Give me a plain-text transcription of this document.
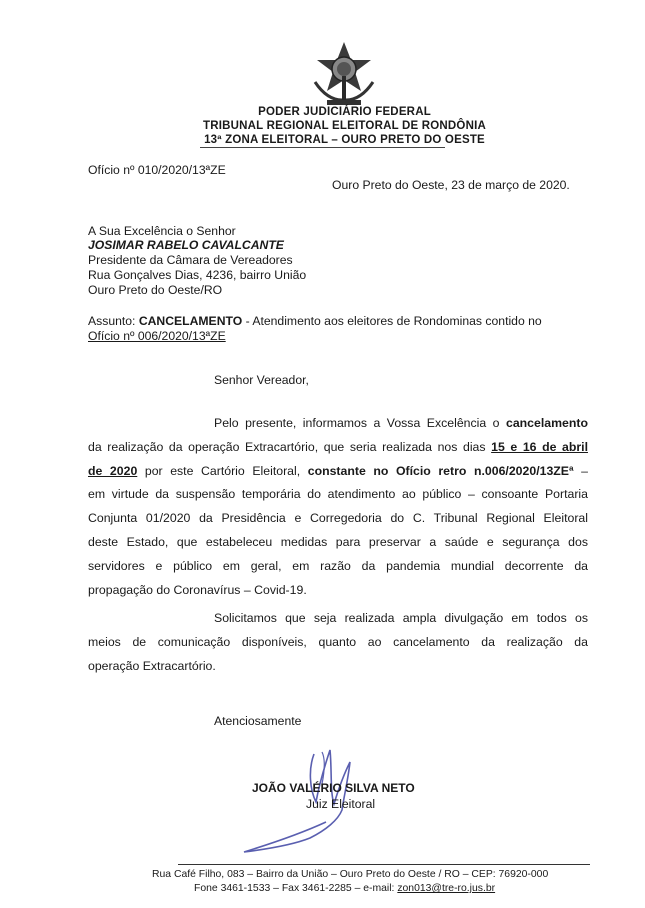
PODER JUDICIÁRIO FEDERAL
TRIBUNAL REGIONAL ELEITORAL DE RONDÔNIA
13ª ZONA ELEITORAL – OURO PRETO DO OESTE
Ofício nº 010/2020/13ªZE
Ouro Preto do Oeste, 23 de março de 2020.
A Sua Excelência o Senhor
JOSIMAR RABELO CAVALCANTE
Presidente da Câmara de Vereadores
Rua Gonçalves Dias, 4236, bairro União
Ouro Preto do Oeste/RO
Assunto: CANCELAMENTO - Atendimento aos eleitores de Rondominas contido no
Ofício nº 006/2020/13ªZE
Senhor Vereador,
Pelo presente, informamos a Vossa Excelência o cancelamento
da realização da operação Extracartório, que seria realizada nos dias 15 e 16 de abril
de 2020 por este Cartório Eleitoral, constante no Ofício retro n.006/2020/13ZEª –
em virtude da suspensão temporária do atendimento ao público – consoante Portaria
Conjunta 01/2020 da Presidência e Corregedoria do C. Tribunal Regional Eleitoral
deste Estado, que estabeleceu medidas para preservar a saúde e segurança dos
servidores e público em geral, em razão da pandemia mundial decorrente da
propagação do Coronavírus – Covid-19.
Solicitamos que seja realizada ampla divulgação em todos os
meios de comunicação disponíveis, quanto ao cancelamento da realização da
operação Extracartório.
Atenciosamente
JOÃO VALÉRIO SILVA NETO
Juiz Eleitoral
Rua Café Filho, 083 – Bairro da União – Ouro Preto do Oeste / RO – CEP: 76920-000
Fone 3461-1533 – Fax 3461-2285 – e-mail: zon013@tre-ro.jus.br
